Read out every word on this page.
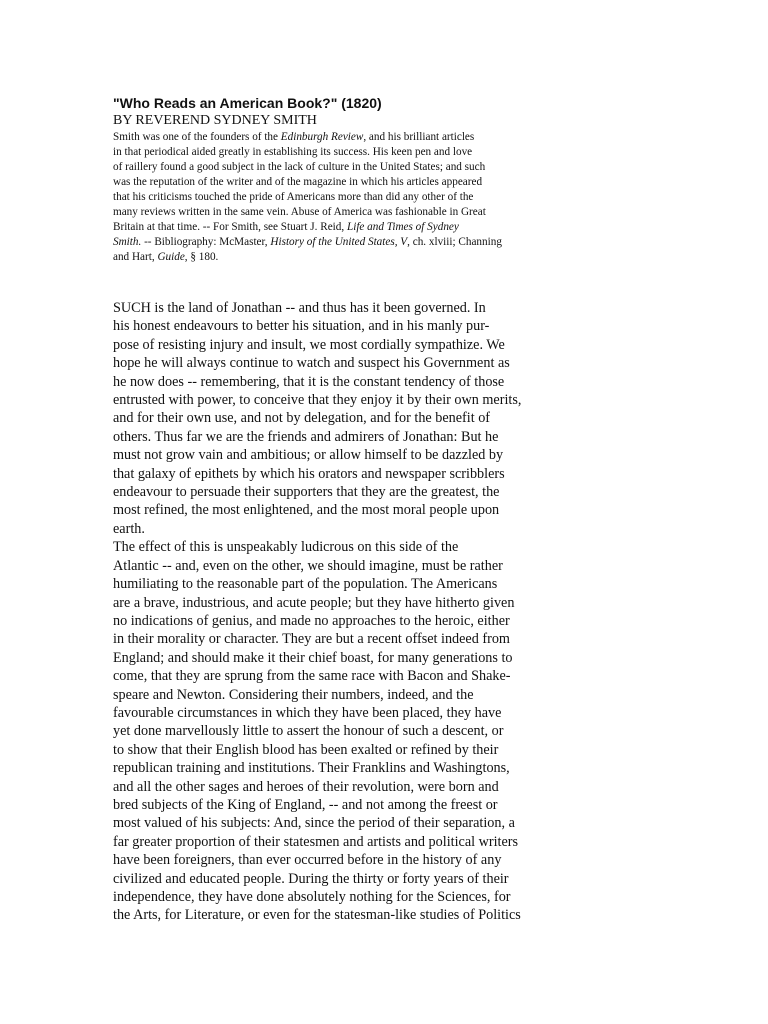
"Who Reads an American Book?" (1820)

BY REVEREND SYDNEY SMITH

Smith was one of the founders of the Edinburgh Review, and his brilliant articles
in that periodical aided greatly in establishing its success. His keen pen and love
of raillery found a good subject in the lack of culture in the United States; and such
was the reputation of the writer and of the magazine in which his articles appeared
that his criticisms touched the pride of Americans more than did any other of the
many reviews written in the same vein. Abuse of America was fashionable in Great
Britain at that time. -- For Smith, see Stuart J. Reid, Life and Times of Sydney
Smith. -- Bibliography: McMaster, History of the United States, V, ch. xlviii; Channing
and Hart, Guide, § 180.
SUCH is the land of Jonathan -- and thus has it been governed. In
his honest endeavours to better his situation, and in his manly pur-
pose of resisting injury and insult, we most cordially sympathize. We
hope he will always continue to watch and suspect his Government as
he now does -- remembering, that it is the constant tendency of those
entrusted with power, to conceive that they enjoy it by their own merits,
and for their own use, and not by delegation, and for the benefit of
others. Thus far we are the friends and admirers of Jonathan: But he
must not grow vain and ambitious; or allow himself to be dazzled by
that galaxy of epithets by which his orators and newspaper scribblers
endeavour to persuade their supporters that they are the greatest, the
most refined, the most enlightened, and the most moral people upon
earth.
The effect of this is unspeakably ludicrous on this side of the
Atlantic -- and, even on the other, we should imagine, must be rather
humiliating to the reasonable part of the population. The Americans
are a brave, industrious, and acute people; but they have hitherto given
no indications of genius, and made no approaches to the heroic, either
in their morality or character. They are but a recent offset indeed from
England; and should make it their chief boast, for many generations to
come, that they are sprung from the same race with Bacon and Shake-
speare and Newton. Considering their numbers, indeed, and the
favourable circumstances in which they have been placed, they have
yet done marvellously little to assert the honour of such a descent, or
to show that their English blood has been exalted or refined by their
republican training and institutions. Their Franklins and Washingtons,
and all the other sages and heroes of their revolution, were born and
bred subjects of the King of England, -- and not among the freest or
most valued of his subjects: And, since the period of their separation, a
far greater proportion of their statesmen and artists and political writers
have been foreigners, than ever occurred before in the history of any
civilized and educated people. During the thirty or forty years of their
independence, they have done absolutely nothing for the Sciences, for
the Arts, for Literature, or even for the statesman-like studies of Politics
